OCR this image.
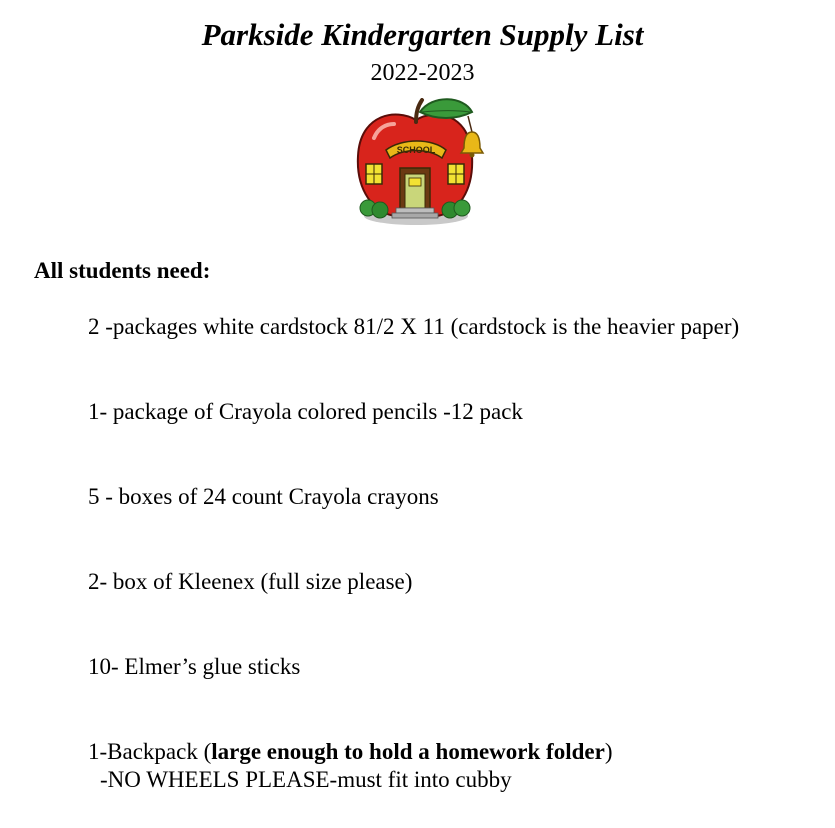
Parkside Kindergarten Supply List
2022-2023
SCHOOL
All students need:
2 -packages white cardstock 81/2 X 11 (cardstock is the heavier paper)
1- package of Crayola colored pencils -12 pack
5 - boxes of 24 count Crayola crayons
2- box of Kleenex (full size please)
10- Elmer’s glue sticks
1-Backpack (large enough to hold a homework folder)
-NO WHEELS PLEASE-must fit into cubby
